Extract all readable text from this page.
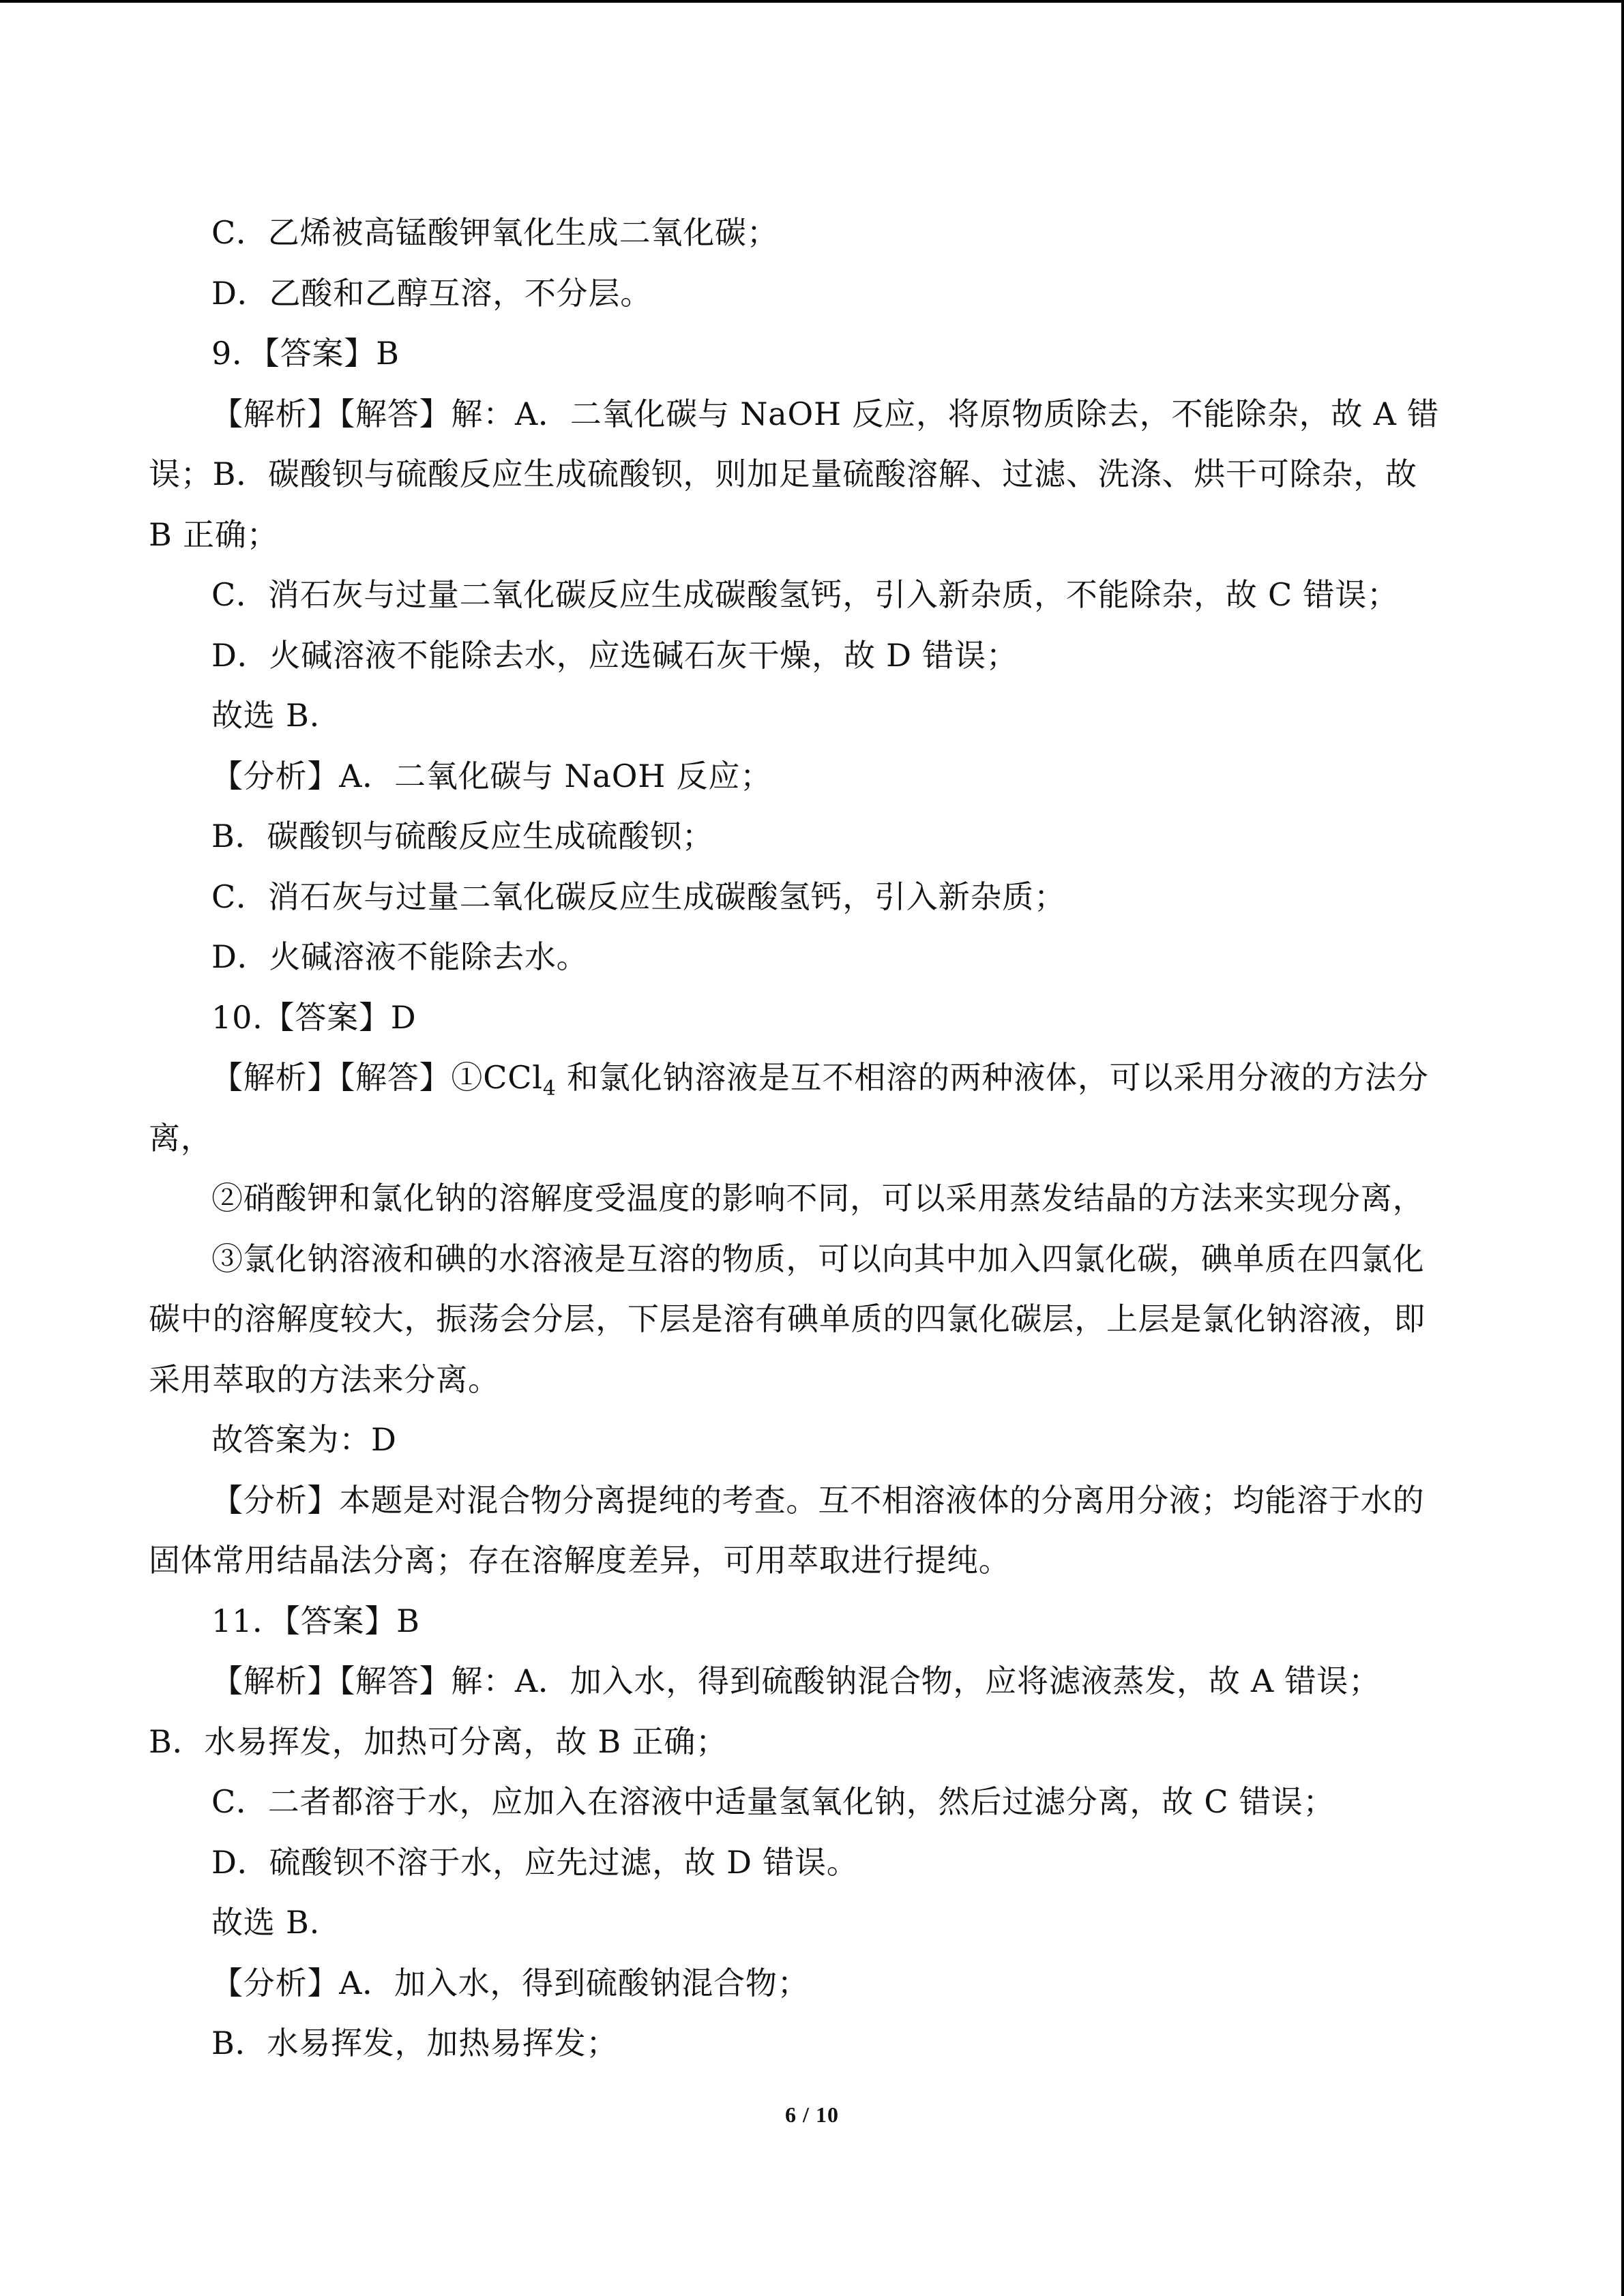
C．乙烯被高锰酸钾氧化生成二氧化碳；
D．乙酸和乙醇互溶，不分层。
9．【答案】B
【解析】【解答】解：A．二氧化碳与 NaOH 反应，将原物质除去，不能除杂，故 A 错
误；B．碳酸钡与硫酸反应生成硫酸钡，则加足量硫酸溶解、过滤、洗涤、烘干可除杂，故
B 正确；
C．消石灰与过量二氧化碳反应生成碳酸氢钙，引入新杂质，不能除杂，故 C 错误；
D．火碱溶液不能除去水，应选碱石灰干燥，故 D 错误；
故选 B.
【分析】A．二氧化碳与 NaOH 反应；
B．碳酸钡与硫酸反应生成硫酸钡；
C．消石灰与过量二氧化碳反应生成碳酸氢钙，引入新杂质；
D．火碱溶液不能除去水。
10.【答案】D
【解析】【解答】①CCl$_4$ 和氯化钠溶液是互不相溶的两种液体，可以采用分液的方法分
离，
②硝酸钾和氯化钠的溶解度受温度的影响不同，可以采用蒸发结晶的方法来实现分离，
③氯化钠溶液和碘的水溶液是互溶的物质，可以向其中加入四氯化碳，碘单质在四氯化
碳中的溶解度较大，振荡会分层，下层是溶有碘单质的四氯化碳层，上层是氯化钠溶液，即
采用萃取的方法来分离。
故答案为：D
【分析】本题是对混合物分离提纯的考查。互不相溶液体的分离用分液；均能溶于水的
固体常用结晶法分离；存在溶解度差异，可用萃取进行提纯。
11．【答案】B
【解析】【解答】解：A．加入水，得到硫酸钠混合物，应将滤液蒸发，故 A 错误；
B．水易挥发，加热可分离，故 B 正确；
C．二者都溶于水，应加入在溶液中适量氢氧化钠，然后过滤分离，故 C 错误；
D．硫酸钡不溶于水，应先过滤，故 D 错误。
故选 B.
【分析】A．加入水，得到硫酸钠混合物；
B．水易挥发，加热易挥发；
6 / 10
